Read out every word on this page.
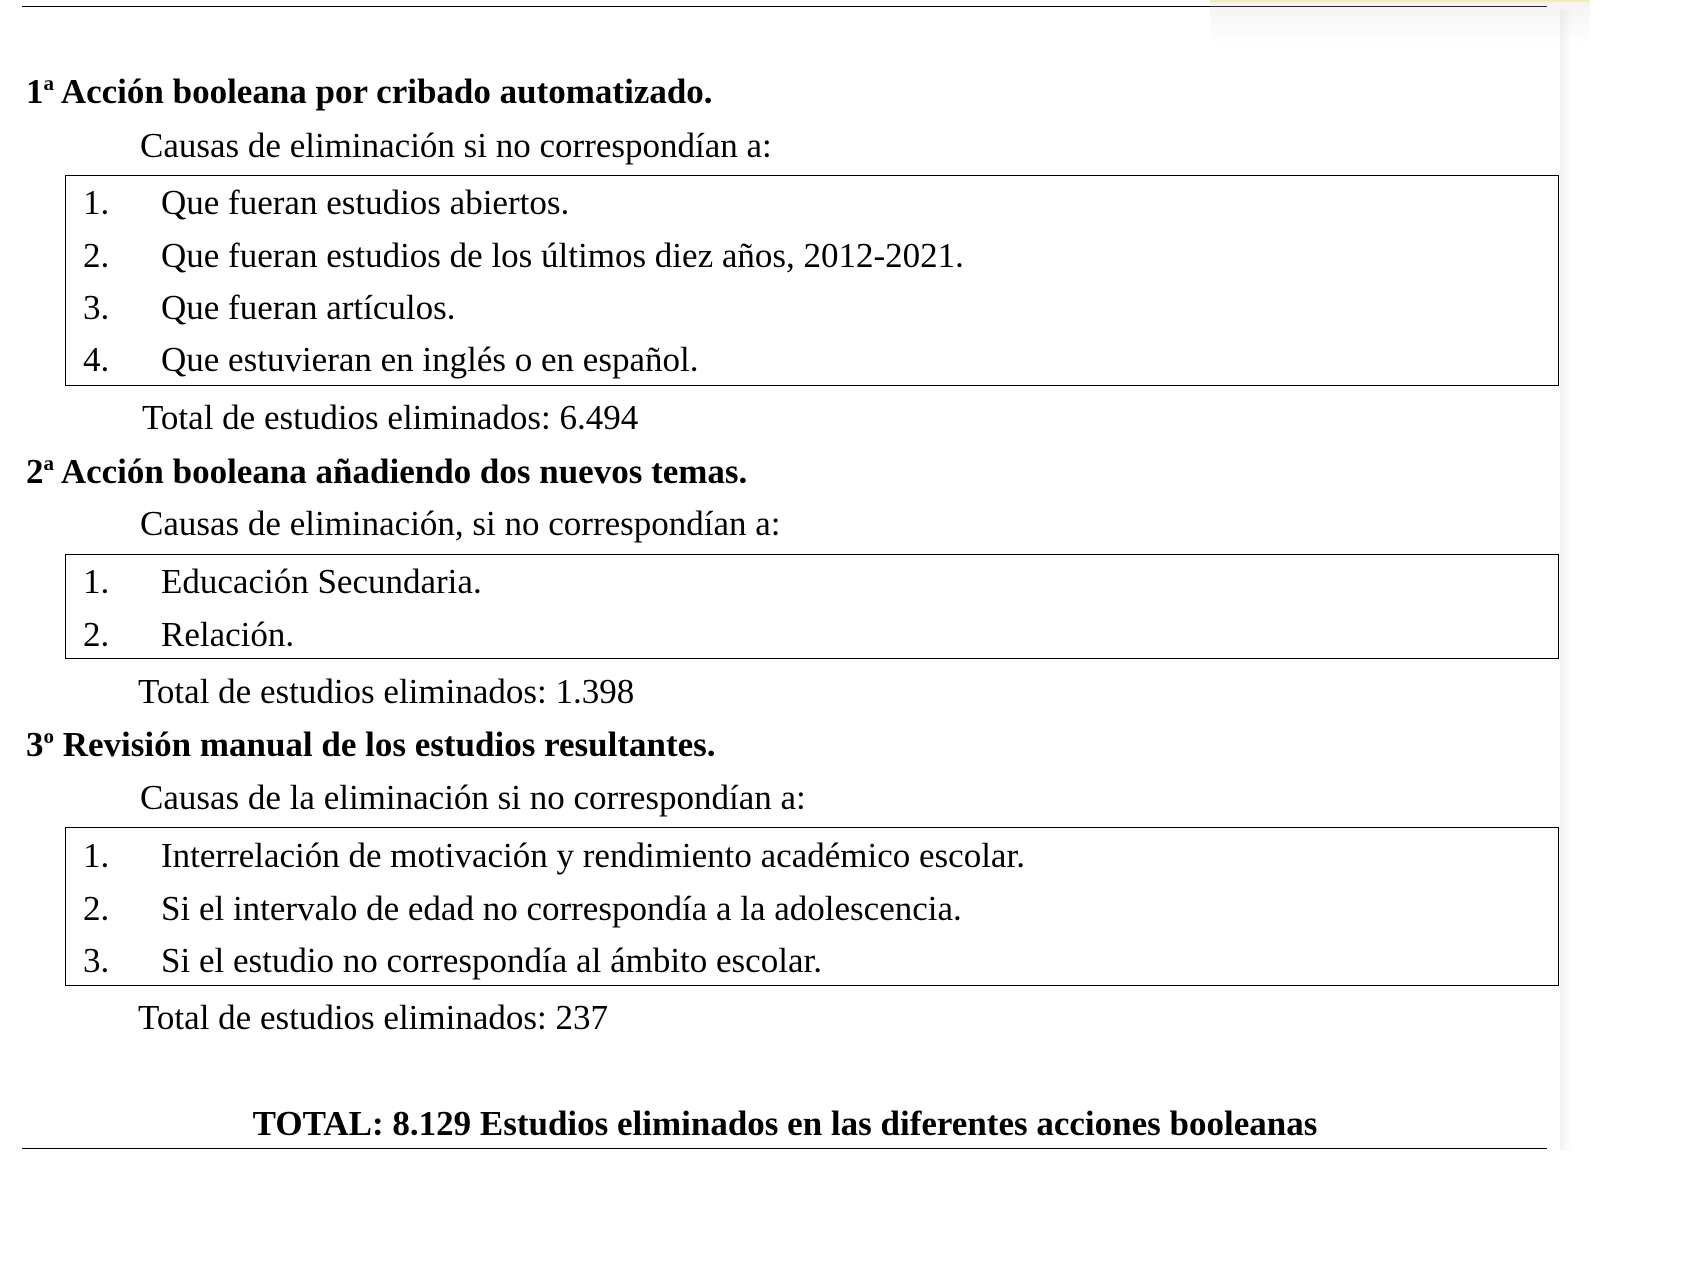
1$^a$ Acción booleana por cribado automatizado.
Causas de eliminación si no correspondían a:
1. Que fueran estudios abiertos.
2. Que fueran estudios de los últimos diez años, 2012-2021.
3. Que fueran artículos.
4. Que estuvieran en inglés o en español.
Total de estudios eliminados: 6.494
2$^a$ Acción booleana añadiendo dos nuevos temas.
Causas de eliminación, si no correspondían a:
1. Educación Secundaria.
2. Relación.
Total de estudios eliminados: 1.398
3$^o$ Revisión manual de los estudios resultantes.
Causas de la eliminación si no correspondían a:
1. Interrelación de motivación y rendimiento académico escolar.
2. Si el intervalo de edad no correspondía a la adolescencia.
3. Si el estudio no correspondía al ámbito escolar.
Total de estudios eliminados: 237
TOTAL: 8.129 Estudios eliminados en las diferentes acciones booleanas
